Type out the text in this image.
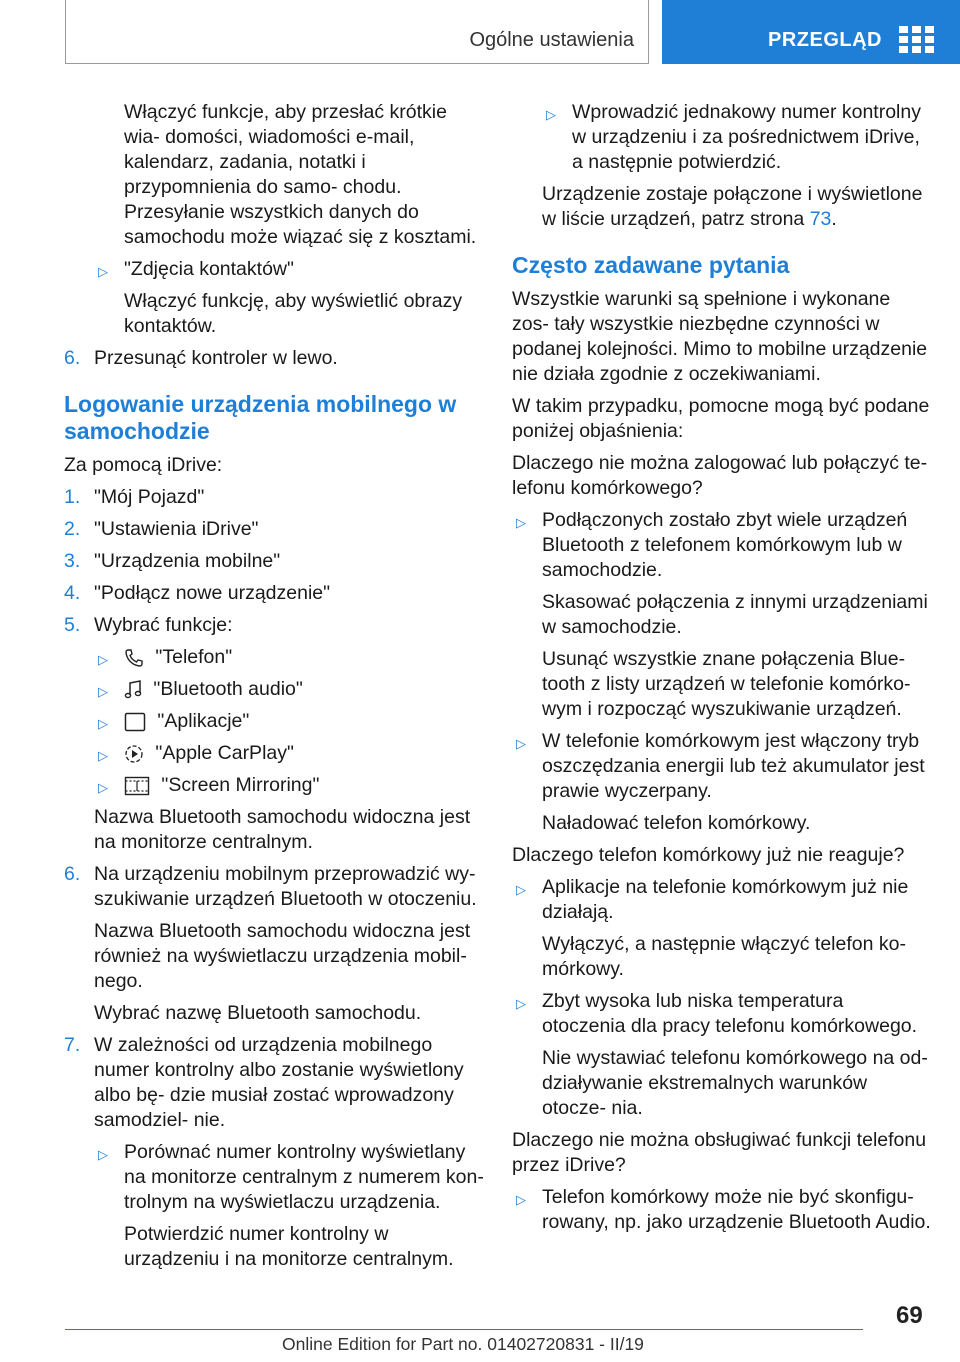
Ogólne ustawienia	PRZEGLĄD
Włączyć funkcje, aby przesłać krótkie wia- domości, wiadomości e-mail, kalendarz, zadania, notatki i przypomnienia do samo- chodu. Przesyłanie wszystkich danych do samochodu może wiązać się z kosztami.
▷ "Zdjęcia kontaktów"
Włączyć funkcję, aby wyświetlić obrazy kontaktów.
6. Przesunąć kontroler w lewo.
Logowanie urządzenia mobilnego w samochodzie
Za pomocą iDrive:
1. "Mój Pojazd"
2. "Ustawienia iDrive"
3. "Urządzenia mobilne"
4. "Podłącz nowe urządzenie"
5. Wybrać funkcje:
▷ "Telefon"
▷ "Bluetooth audio"
▷	"Aplikacje"
▷ "Apple CarPlay"
▷	"Screen Mirroring"
Nazwa Bluetooth samochodu widoczna jest na monitorze centralnym.
6. Na urządzeniu mobilnym przeprowadzić wy- szukiwanie urządzeń Bluetooth w otoczeniu.
Nazwa Bluetooth samochodu widoczna jest również na wyświetlaczu urządzenia mobil- nego.
Wybrać nazwę Bluetooth samochodu.
7. W zależności od urządzenia mobilnego numer kontrolny albo zostanie wyświetlony albo bę- dzie musiał zostać wprowadzony samodziel- nie.
▷ Porównać numer kontrolny wyświetlany na monitorze centralnym z numerem kon- trolnym na wyświetlaczu urządzenia.
Potwierdzić numer kontrolny w urządzeniu i na monitorze centralnym.
▷ Wprowadzić jednakowy numer kontrolny w urządzeniu i za pośrednictwem iDrive, a następnie potwierdzić.
Urządzenie zostaje połączone i wyświetlone w liście urządzeń, patrz strona 73.
Często zadawane pytania
Wszystkie warunki są spełnione i wykonane zos- tały wszystkie niezbędne czynności w podanej kolejności. Mimo to mobilne urządzenie nie działa zgodnie z oczekiwaniami.
W takim przypadku, pomocne mogą być podane poniżej objaśnienia:
Dlaczego nie można zalogować lub połączyć te- lefonu komórkowego?
▷ Podłączonych zostało zbyt wiele urządzeń Bluetooth z telefonem komórkowym lub w samochodzie.
Skasować połączenia z innymi urządzeniami w samochodzie.
Usunąć wszystkie znane połączenia Blue- tooth z listy urządzeń w telefonie komórko- wym i rozpocząć wyszukiwanie urządzeń.
▷ W telefonie komórkowym jest włączony tryb oszczędzania energii lub też akumulator jest prawie wyczerpany.
Naładować telefon komórkowy.
Dlaczego telefon komórkowy już nie reaguje?
▷ Aplikacje na telefonie komórkowym już nie działają.
Wyłączyć, a następnie włączyć telefon ko- mórkowy.
▷ Zbyt wysoka lub niska temperatura otoczenia dla pracy telefonu komórkowego.
Nie wystawiać telefonu komórkowego na od- działywanie ekstremalnych warunków otocze- nia.
Dlaczego nie można obsługiwać funkcji telefonu przez iDrive?
▷ Telefon komórkowy może nie być skonfigu- rowany, np. jako urządzenie Bluetooth Audio.
69
Online Edition for Part no. 01402720831 - II/19
